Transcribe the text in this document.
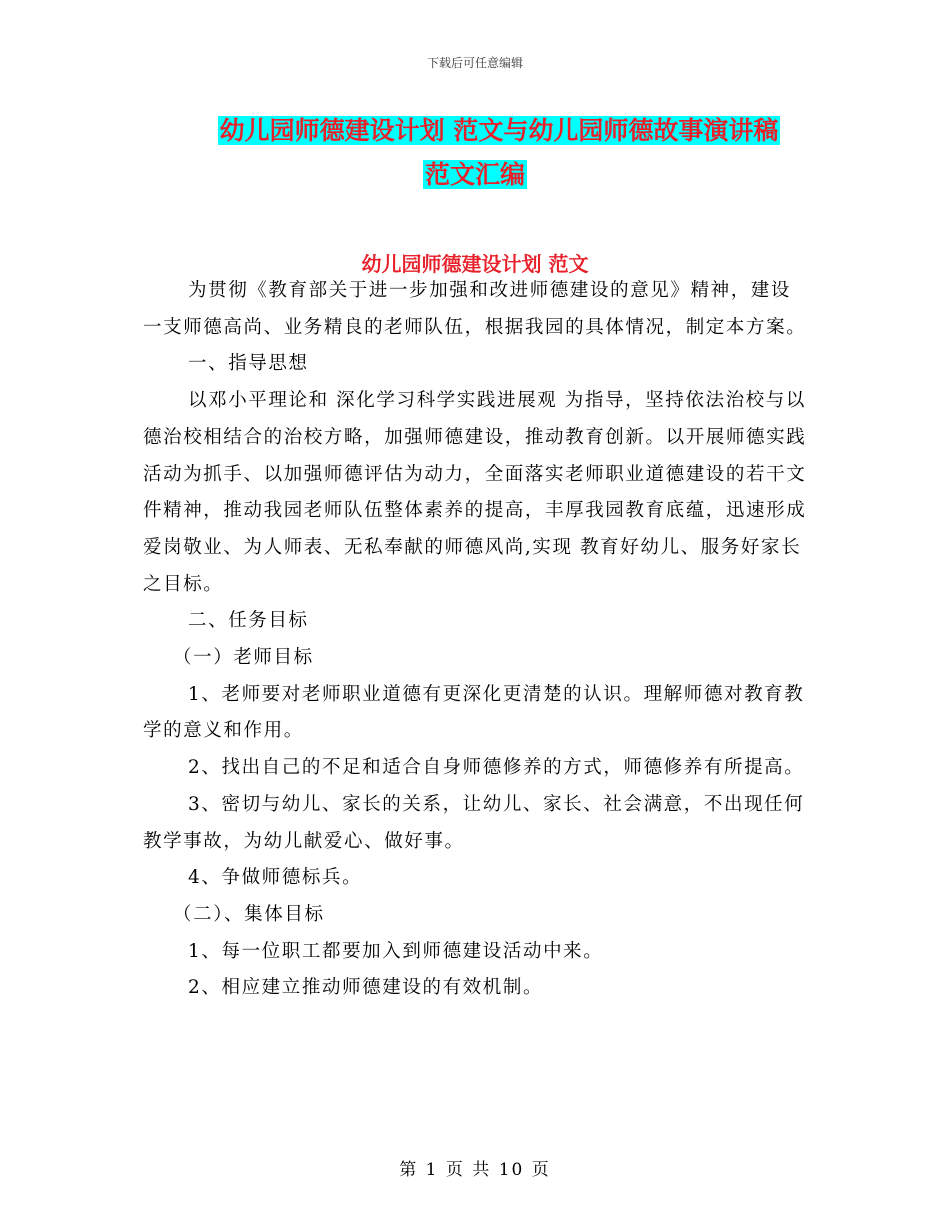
下载后可任意编辑
幼儿园师德建设计划 范文与幼儿园师德故事演讲稿
范文汇编
幼儿园师德建设计划 范文

为贯彻《教育部关于进一步加强和改进师德建设的意见》精神，建设一支师德高尚、业务精良的老师队伍，根据我园的具体情况，制定本方案。

一、指导思想

以邓小平理论和 深化学习科学实践进展观 为指导，坚持依法治校与以德治校相结合的治校方略，加强师德建设，推动教育创新。以开展师德实践活动为抓手、以加强师德评估为动力，全面落实老师职业道德建设的若干文件精神，推动我园老师队伍整体素养的提高，丰厚我园教育底蕴，迅速形成爱岗敬业、为人师表、无私奉献的师德风尚,实现 教育好幼儿、服务好家长 之目标。

二、任务目标

（一）老师目标

1、老师要对老师职业道德有更深化更清楚的认识。理解师德对教育教学的意义和作用。

2、找出自己的不足和适合自身师德修养的方式，师德修养有所提高。

3、密切与幼儿、家长的关系，让幼儿、家长、社会满意，不出现任何教学事故，为幼儿献爱心、做好事。

4、争做师德标兵。

（二）、集体目标

1、每一位职工都要加入到师德建设活动中来。

2、相应建立推动师德建设的有效机制。

第 1 页 共 10 页
